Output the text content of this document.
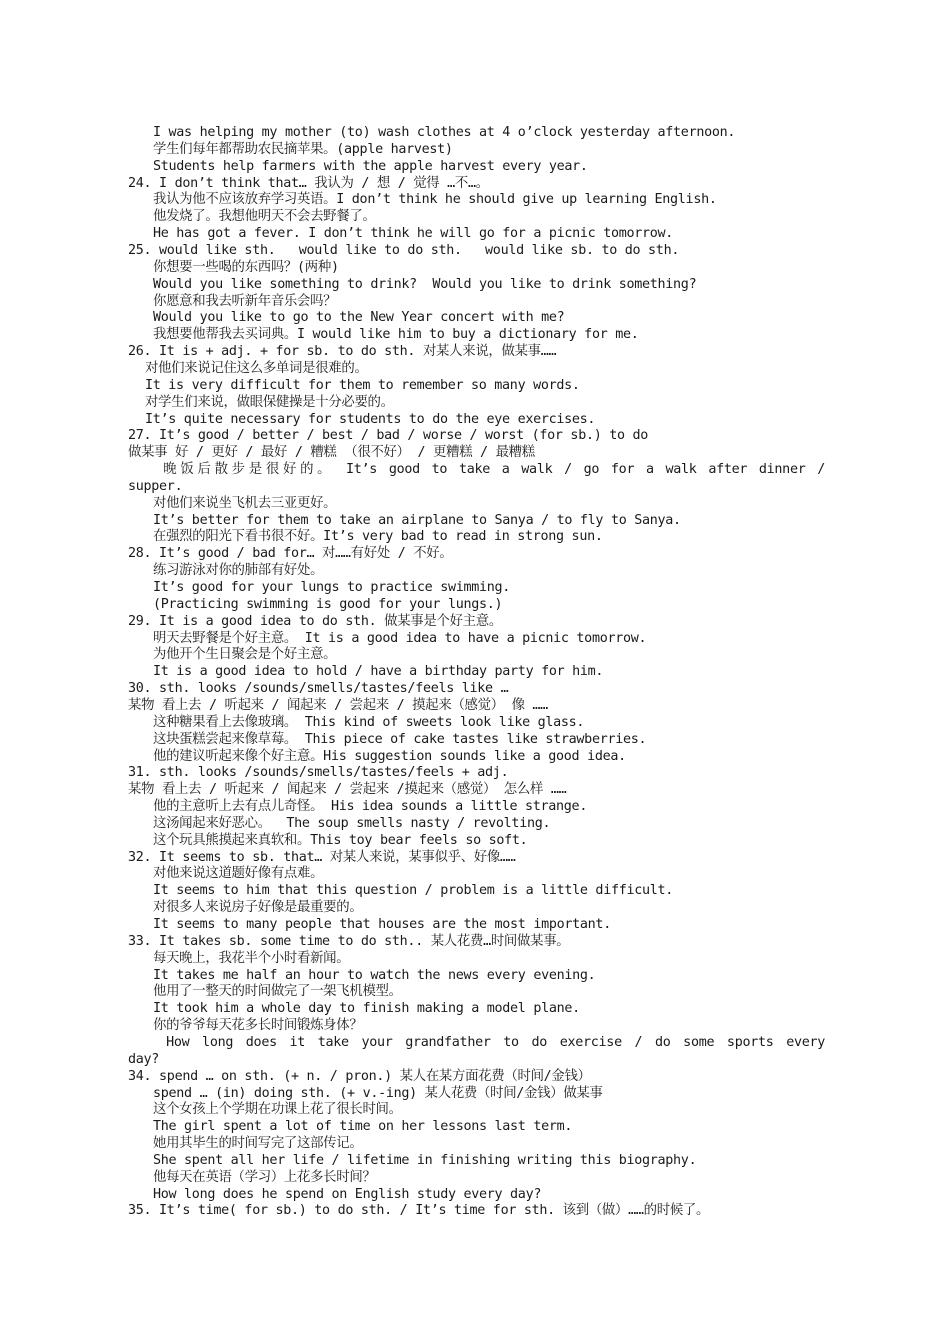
I was helping my mother (to) wash clothes at 4 o’clock yesterday afternoon.
学生们每年都帮助农民摘苹果。(apple harvest)
Students help farmers with the apple harvest every year.
24. I don’t think that… 我认为 / 想 / 觉得 …不…。
我认为他不应该放弃学习英语。I don’t think he should give up learning English.
他发烧了。我想他明天不会去野餐了。
He has got a fever. I don’t think he will go for a picnic tomorrow.
25. would like sth.   would like to do sth.   would like sb. to do sth.
你想要一些喝的东西吗？(两种)
Would you like something to drink?  Would you like to drink something?
你愿意和我去听新年音乐会吗？
Would you like to go to the New Year concert with me?
我想要他帮我去买词典。I would like him to buy a dictionary for me.
26. It is + adj. + for sb. to do sth. 对某人来说，做某事……
对他们来说记住这么多单词是很难的。
It is very difficult for them to remember so many words.
对学生们来说，做眼保健操是十分必要的。
It’s quite necessary for students to do the eye exercises.
27. It’s good / better / best / bad / worse / worst (for sb.) to do
做某事 好 / 更好 / 最好 / 糟糕 （很不好） / 更糟糕 / 最糟糕
晚饭后散步是很好的。 It’s good to take a walk / go for a walk after dinner /
supper.
对他们来说坐飞机去三亚更好。
It’s better for them to take an airplane to Sanya / to fly to Sanya.
在强烈的阳光下看书很不好。It’s very bad to read in strong sun.
28. It’s good / bad for… 对……有好处 / 不好。
练习游泳对你的肺部有好处。
It’s good for your lungs to practice swimming.
(Practicing swimming is good for your lungs.)
29. It is a good idea to do sth. 做某事是个好主意。
明天去野餐是个好主意。 It is a good idea to have a picnic tomorrow.
为他开个生日聚会是个好主意。
It is a good idea to hold / have a birthday party for him.
30. sth. looks /sounds/smells/tastes/feels like …
某物 看上去 / 听起来 / 闻起来 / 尝起来 / 摸起来（感觉） 像 ……
这种糖果看上去像玻璃。 This kind of sweets look like glass.
这块蛋糕尝起来像草莓。 This piece of cake tastes like strawberries.
他的建议听起来像个好主意。His suggestion sounds like a good idea.
31. sth. looks /sounds/smells/tastes/feels + adj.
某物 看上去 / 听起来 / 闻起来 / 尝起来 /摸起来（感觉） 怎么样 ……
他的主意听上去有点儿奇怪。 His idea sounds a little strange.
这汤闻起来好恶心。  The soup smells nasty / revolting.
这个玩具熊摸起来真软和。This toy bear feels so soft.
32. It seems to sb. that… 对某人来说，某事似乎、好像……
对他来说这道题好像有点难。
It seems to him that this question / problem is a little difficult.
对很多人来说房子好像是最重要的。
It seems to many people that houses are the most important.
33. It takes sb. some time to do sth.. 某人花费…时间做某事。
每天晚上，我花半个小时看新闻。
It takes me half an hour to watch the news every evening.
他用了一整天的时间做完了一架飞机模型。
It took him a whole day to finish making a model plane.
你的爷爷每天花多长时间锻炼身体？
How long does it take your grandfather to do exercise / do some sports every
day?
34. spend … on sth. (+ n. / pron.) 某人在某方面花费（时间/金钱）
spend … (in) doing sth. (+ v.-ing) 某人花费（时间/金钱）做某事
这个女孩上个学期在功课上花了很长时间。
The girl spent a lot of time on her lessons last term.
她用其毕生的时间写完了这部传记。
She spent all her life / lifetime in finishing writing this biography.
他每天在英语（学习）上花多长时间？
How long does he spend on English study every day?
35. It’s time( for sb.) to do sth. / It’s time for sth. 该到（做）……的时候了。
